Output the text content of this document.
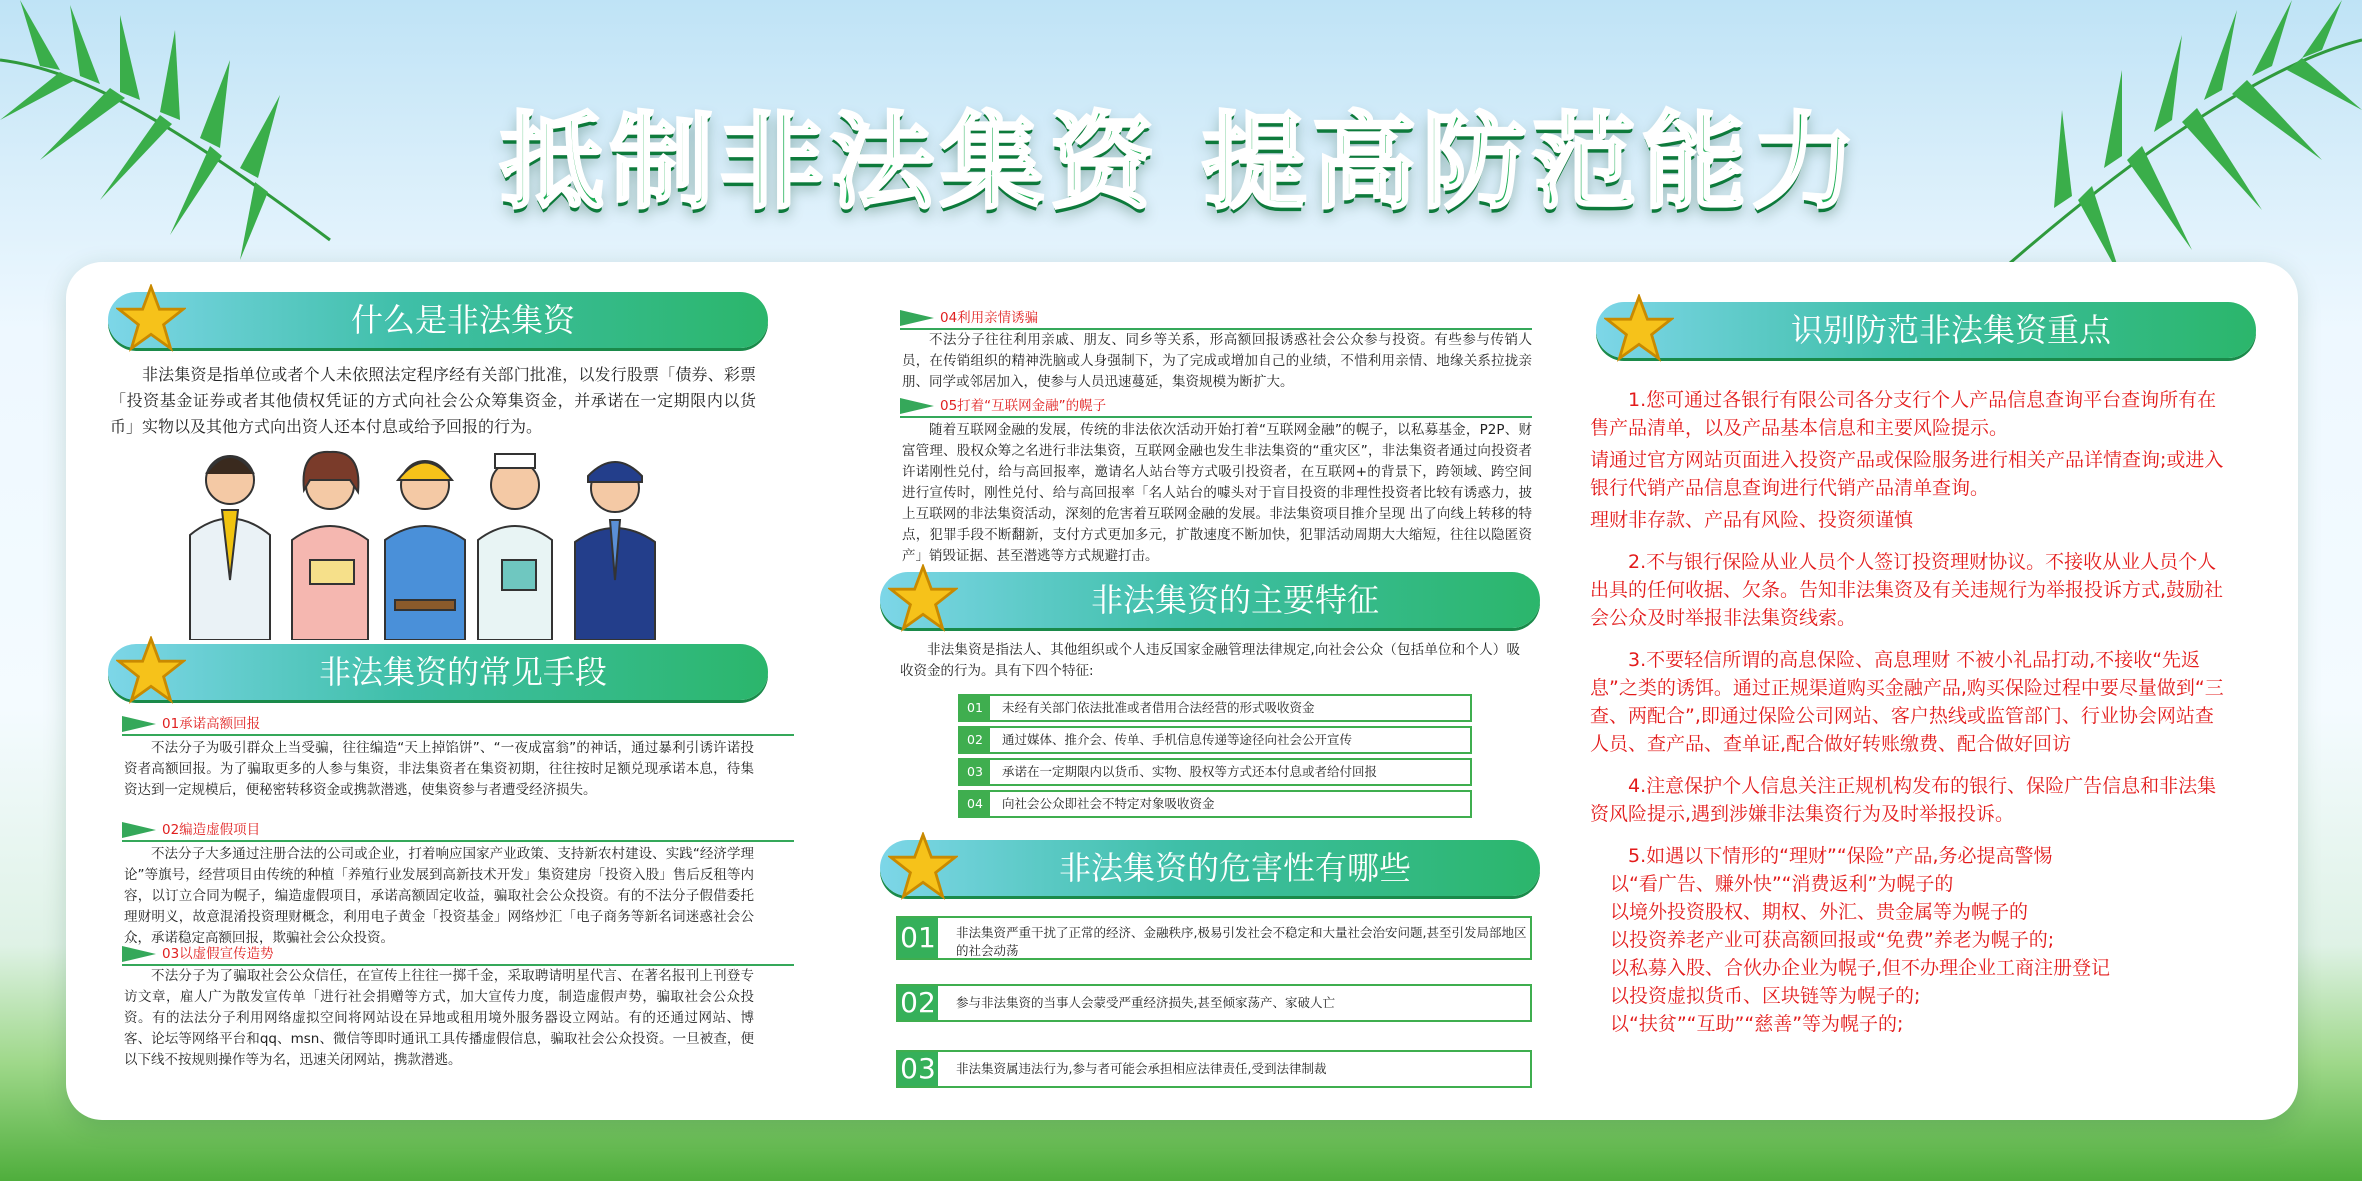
抵制非法集资 提高防范能力
什么是非法集资
非法集资是指单位或者个人未依照法定程序经有关部门批准，以发行股票「债券、彩票「投资基金证券或者其他债权凭证的方式向社会公众筹集资金，并承诺在一定期限内以货币」实物以及其他方式向出资人还本付息或给予回报的行为。
非法集资的常见手段
01承诺高额回报
不法分子为吸引群众上当受骗，往往编造“天上掉馅饼”、“一夜成富翁”的神话，通过暴利引诱许诺投资者高额回报。为了骗取更多的人参与集资，非法集资者在集资初期，往往按时足额兑现承诺本息，待集资达到一定规模后，便秘密转移资金或携款潜逃，使集资参与者遭受经济损失。
02编造虚假项目
不法分子大多通过注册合法的公司或企业，打着响应国家产业政策、支持新农村建设、实践“经济学理论”等旗号，经营项目由传统的种植「养殖行业发展到高新技术开发」集资建房「投资入股」售后反租等内容，以订立合同为幌子，编造虚假项目，承诺高额固定收益，骗取社会公众投资。有的不法分子假借委托理财明义，故意混淆投资理财概念，利用电子黄金「投资基金」网络炒汇「电子商务等新名词迷惑社会公众，承诺稳定高额回报，欺骗社会公众投资。
03以虚假宣传造势
不法分子为了骗取社会公众信任，在宣传上往往一掷千金，采取聘请明星代言、在著名报刊上刊登专访文章，雇人广为散发宣传单「进行社会捐赠等方式，加大宣传力度，制造虚假声势，骗取社会公众投资。有的法法分子利用网络虚拟空间将网站设在异地或租用境外服务器设立网站。有的还通过网站、博客、论坛等网络平台和qq、msn、微信等即时通讯工具传播虚假信息，骗取社会公众投资。一旦被查，便以下线不按规则操作等为名，迅速关闭网站，携款潜逃。
04利用亲情诱骗
不法分子往往利用亲戚、朋友、同乡等关系，形高额回报诱惑社会公众参与投资。有些参与传销人员，在传销组织的精神洗脑或人身强制下，为了完成或增加自己的业绩，不惜利用亲情、地缘关系拉拢亲朋、同学或邻居加入，使参与人员迅速蔓延，集资规模为断扩大。
05打着“互联网金融”的幌子
随着互联网金融的发展，传统的非法依次活动开始打着“互联网金融”的幌子，以私募基金，P2P、财富管理、股权众筹之名进行非法集资，互联网金融也发生非法集资的“重灾区”，非法集资者通过向投资者许诺刚性兑付，给与高回报率，邀请名人站台等方式吸引投资者，在互联网+的背景下，跨领域、跨空间进行宣传时，刚性兑付、给与高回报率「名人站台的噱头对于盲目投资的非理性投资者比较有诱惑力，披上互联网的非法集资活动，深刻的危害着互联网金融的发展。非法集资项目推介呈现 出了向线上转移的特点，犯罪手段不断翻新，支付方式更加多元，扩散速度不断加快，犯罪活动周期大大缩短，往往以隐匿资产」销毁证据、甚至潜逃等方式规避打击。
非法集资的主要特征
非法集资是指法人、其他组织或个人违反国家金融管理法律规定,向社会公众（包括单位和个人）吸收资金的行为。具有下四个特征:
01 未经有关部门依法批准或者借用合法经营的形式吸收资金
02 通过媒体、推介会、传单、手机信息传递等途径向社会公开宣传
03 承诺在一定期限内以货币、实物、股权等方式还本付息或者给付回报
04 向社会公众即社会不特定对象吸收资金
非法集资的危害性有哪些
01 非法集资严重干扰了正常的经济、金融秩序,极易引发社会不稳定和大量社会治安问题,甚至引发局部地区的社会动荡
02 参与非法集资的当事人会蒙受严重经济损失,甚至倾家荡产、家破人亡
03 非法集资属违法行为,参与者可能会承担相应法律责任,受到法律制裁
识别防范非法集资重点

1.您可通过各银行有限公司各分支行个人产品信息查询平台查询所有在售产品清单，以及产品基本信息和主要风险提示。

请通过官方网站页面进入投资产品或保险服务进行相关产品详情查询;或进入银行代销产品信息查询进行代销产品清单查询。

理财非存款、产品有风险、投资须谨慎

2.不与银行保险从业人员个人签订投资理财协议。不接收从业人员个人出具的任何收据、欠条。告知非法集资及有关违规行为举报投诉方式,鼓励社会公众及时举报非法集资线索。

3.不要轻信所谓的高息保险、高息理财 不被小礼品打动,不接收“先返息”之类的诱饵。通过正规渠道购买金融产品,购买保险过程中要尽量做到“三查、两配合”,即通过保险公司网站、客户热线或监管部门、行业协会网站查人员、查产品、查单证,配合做好转账缴费、配合做好回访

4.注意保护个人信息关注正规机构发布的银行、保险广告信息和非法集资风险提示,遇到涉嫌非法集资行为及时举报投诉。

5.如遇以下情形的“理财”“保险”产品,务必提高警惕

以“看广告、赚外快”“消费返利”为幌子的

以境外投资股权、期权、外汇、贵金属等为幌子的

以投资养老产业可获高额回报或“免费”养老为幌子的;

以私募入股、合伙办企业为幌子,但不办理企业工商注册登记

以投资虚拟货币、区块链等为幌子的;

以“扶贫”“互助”“慈善”等为幌子的;
